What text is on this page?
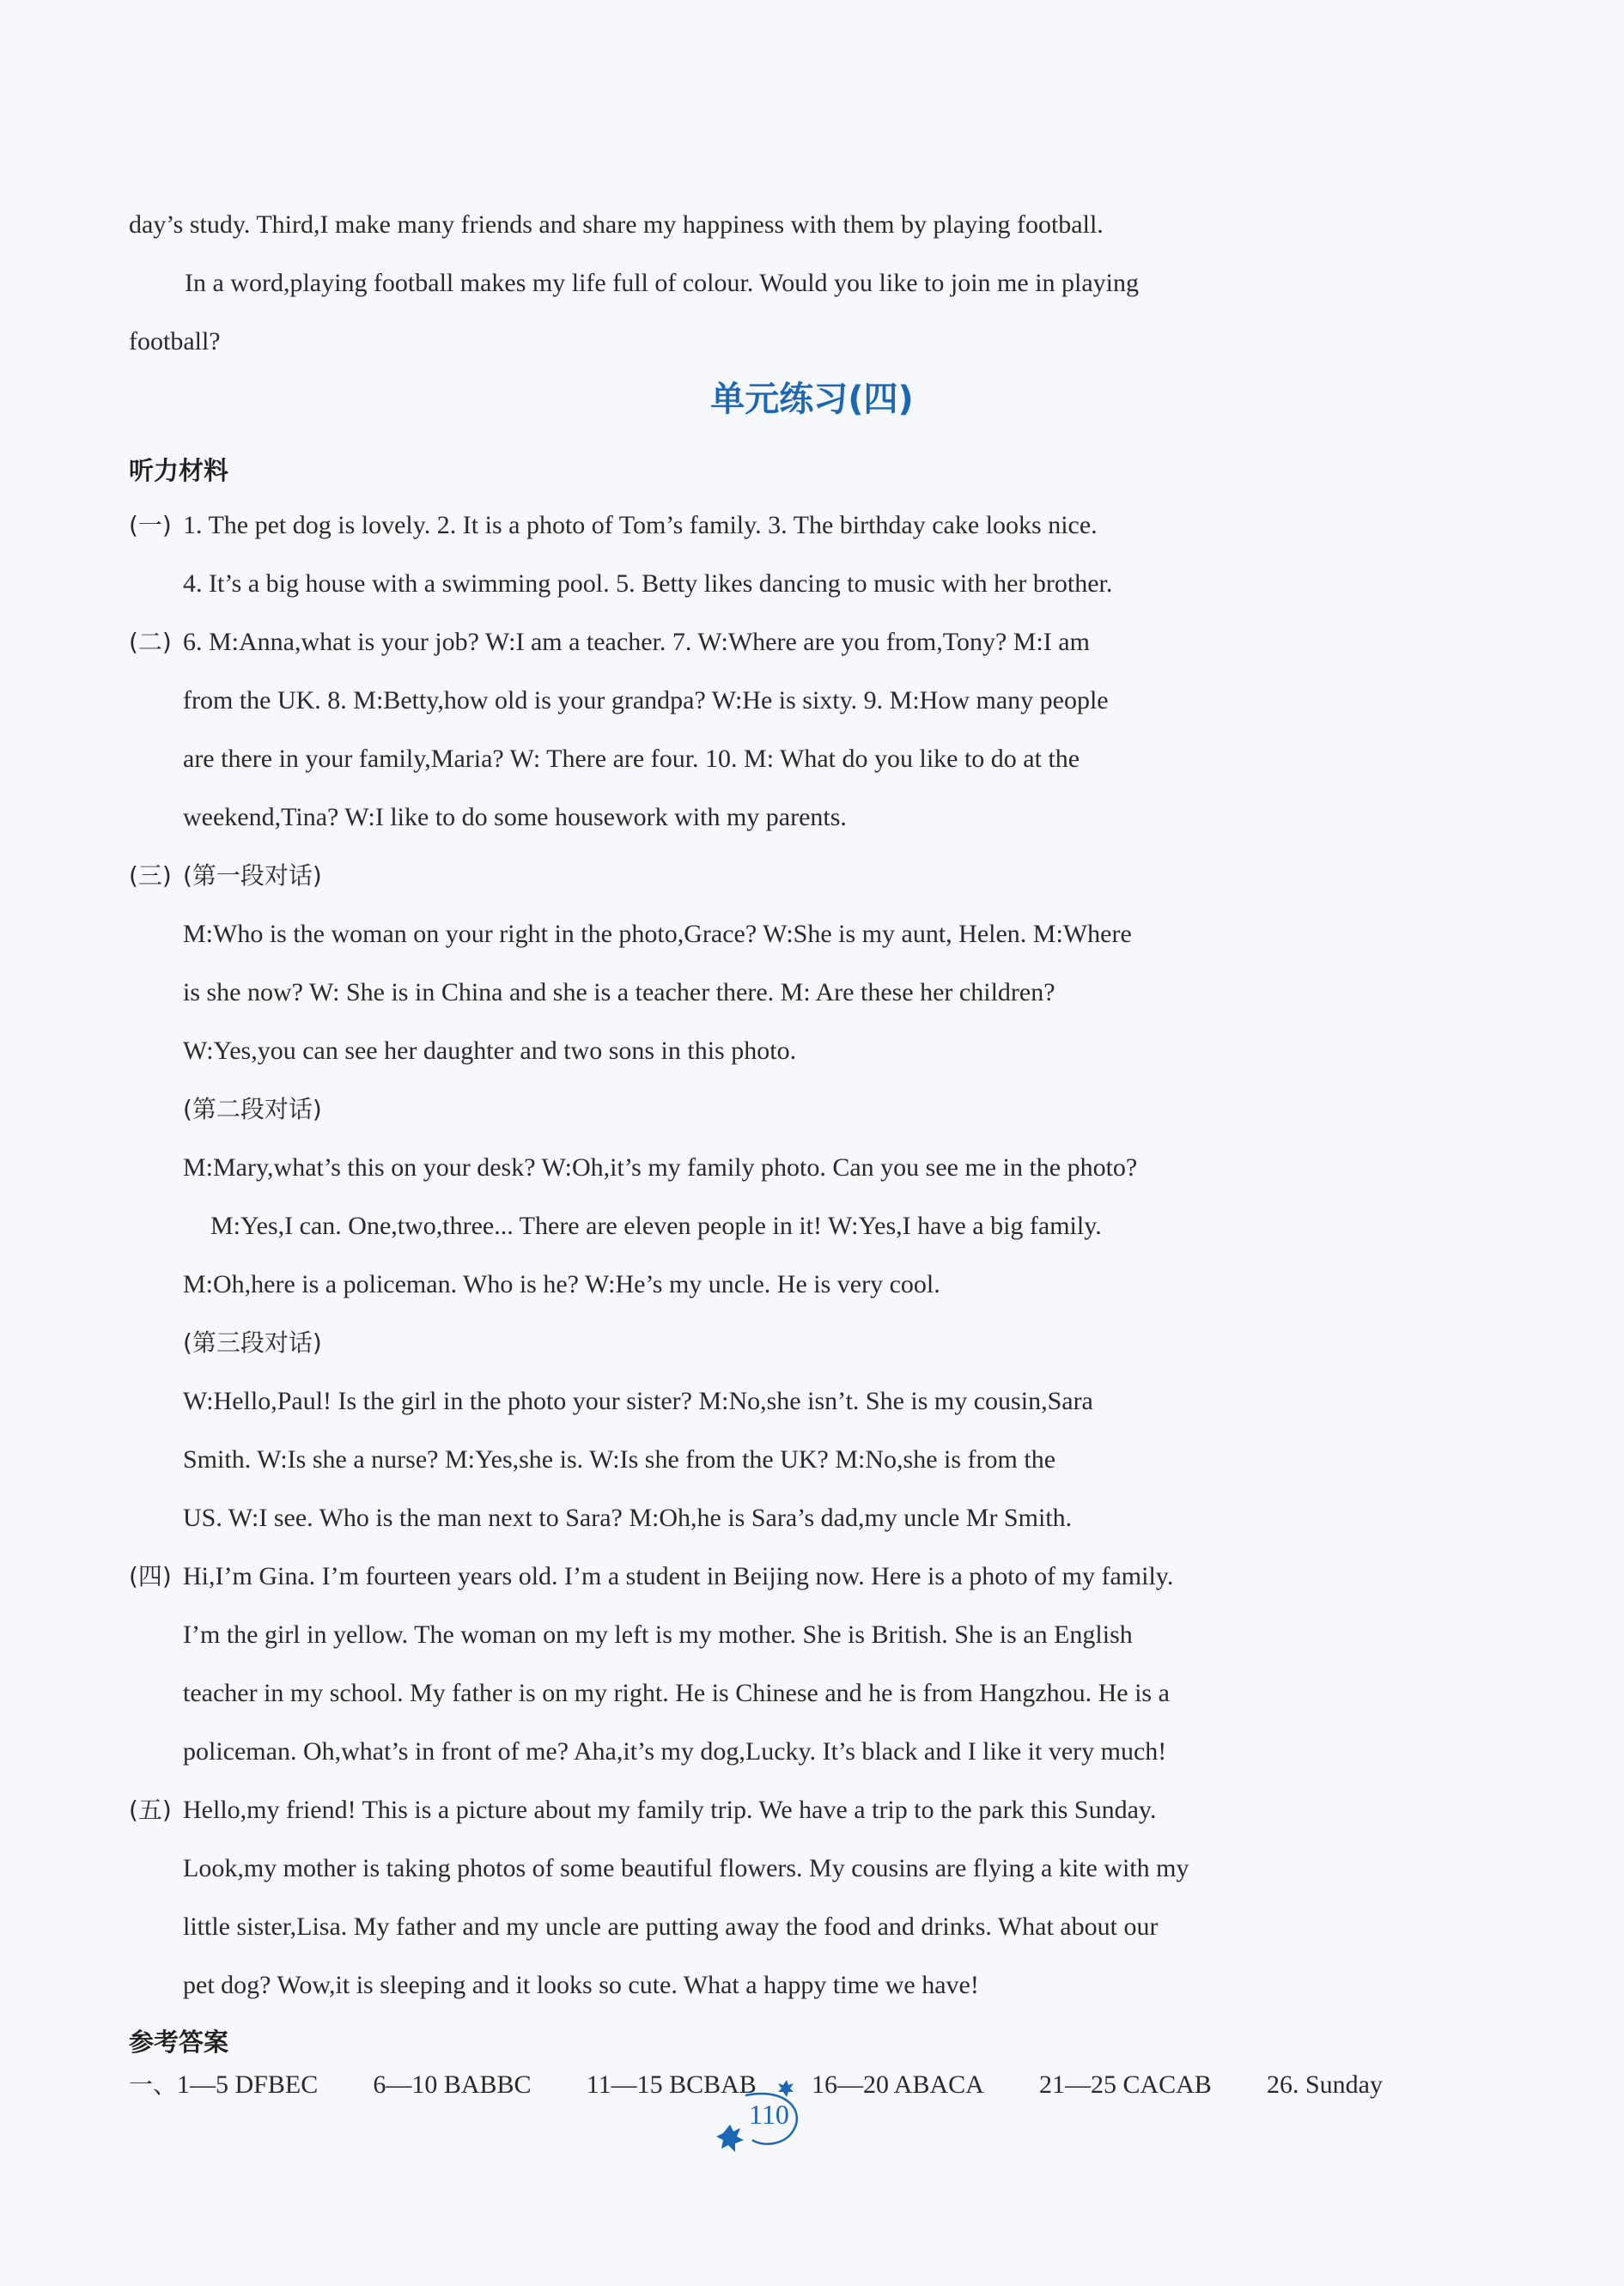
day’s study. Third,I make many friends and share my happiness with them by playing football.
In a word,playing football makes my life full of colour. Would you like to join me in playing
football?
单元练习(四)
听力材料
(一) 1. The pet dog is lovely. 2. It is a photo of Tom’s family. 3. The birthday cake looks nice.
4. It’s a big house with a swimming pool. 5. Betty likes dancing to music with her brother.
(二) 6. M:Anna,what is your job? W:I am a teacher. 7. W:Where are you from,Tony? M:I am
from the UK. 8. M:Betty,how old is your grandpa? W:He is sixty. 9. M:How many people
are there in your family,Maria? W: There are four. 10. M: What do you like to do at the
weekend,Tina? W:I like to do some housework with my parents.
(三) (第一段对话)
M:Who is the woman on your right in the photo,Grace? W:She is my aunt, Helen. M:Where
is she now? W: She is in China and she is a teacher there. M: Are these her children?
W:Yes,you can see her daughter and two sons in this photo.
(第二段对话)
M:Mary,what’s this on your desk? W:Oh,it’s my family photo. Can you see me in the photo?
M:Yes,I can. One,two,three... There are eleven people in it! W:Yes,I have a big family.
M:Oh,here is a policeman. Who is he? W:He’s my uncle. He is very cool.
(第三段对话)
W:Hello,Paul! Is the girl in the photo your sister? M:No,she isn’t. She is my cousin,Sara
Smith. W:Is she a nurse? M:Yes,she is. W:Is she from the UK? M:No,she is from the
US. W:I see. Who is the man next to Sara? M:Oh,he is Sara’s dad,my uncle Mr Smith.
(四) Hi,I’m Gina. I’m fourteen years old. I’m a student in Beijing now. Here is a photo of my family.
I’m the girl in yellow. The woman on my left is my mother. She is British. She is an English
teacher in my school. My father is on my right. He is Chinese and he is from Hangzhou. He is a
policeman. Oh,what’s in front of me? Aha,it’s my dog,Lucky. It’s black and I like it very much!
(五) Hello,my friend! This is a picture about my family trip. We have a trip to the park this Sunday.
Look,my mother is taking photos of some beautiful flowers. My cousins are flying a kite with my
little sister,Lisa. My father and my uncle are putting away the food and drinks. What about our
pet dog? Wow,it is sleeping and it looks so cute. What a happy time we have!
参考答案
一、1—5 DFBEC 6—10 BABBC 11—15 BCBAB 16—20 ABACA 21—25 CACAB 26. Sunday
110
